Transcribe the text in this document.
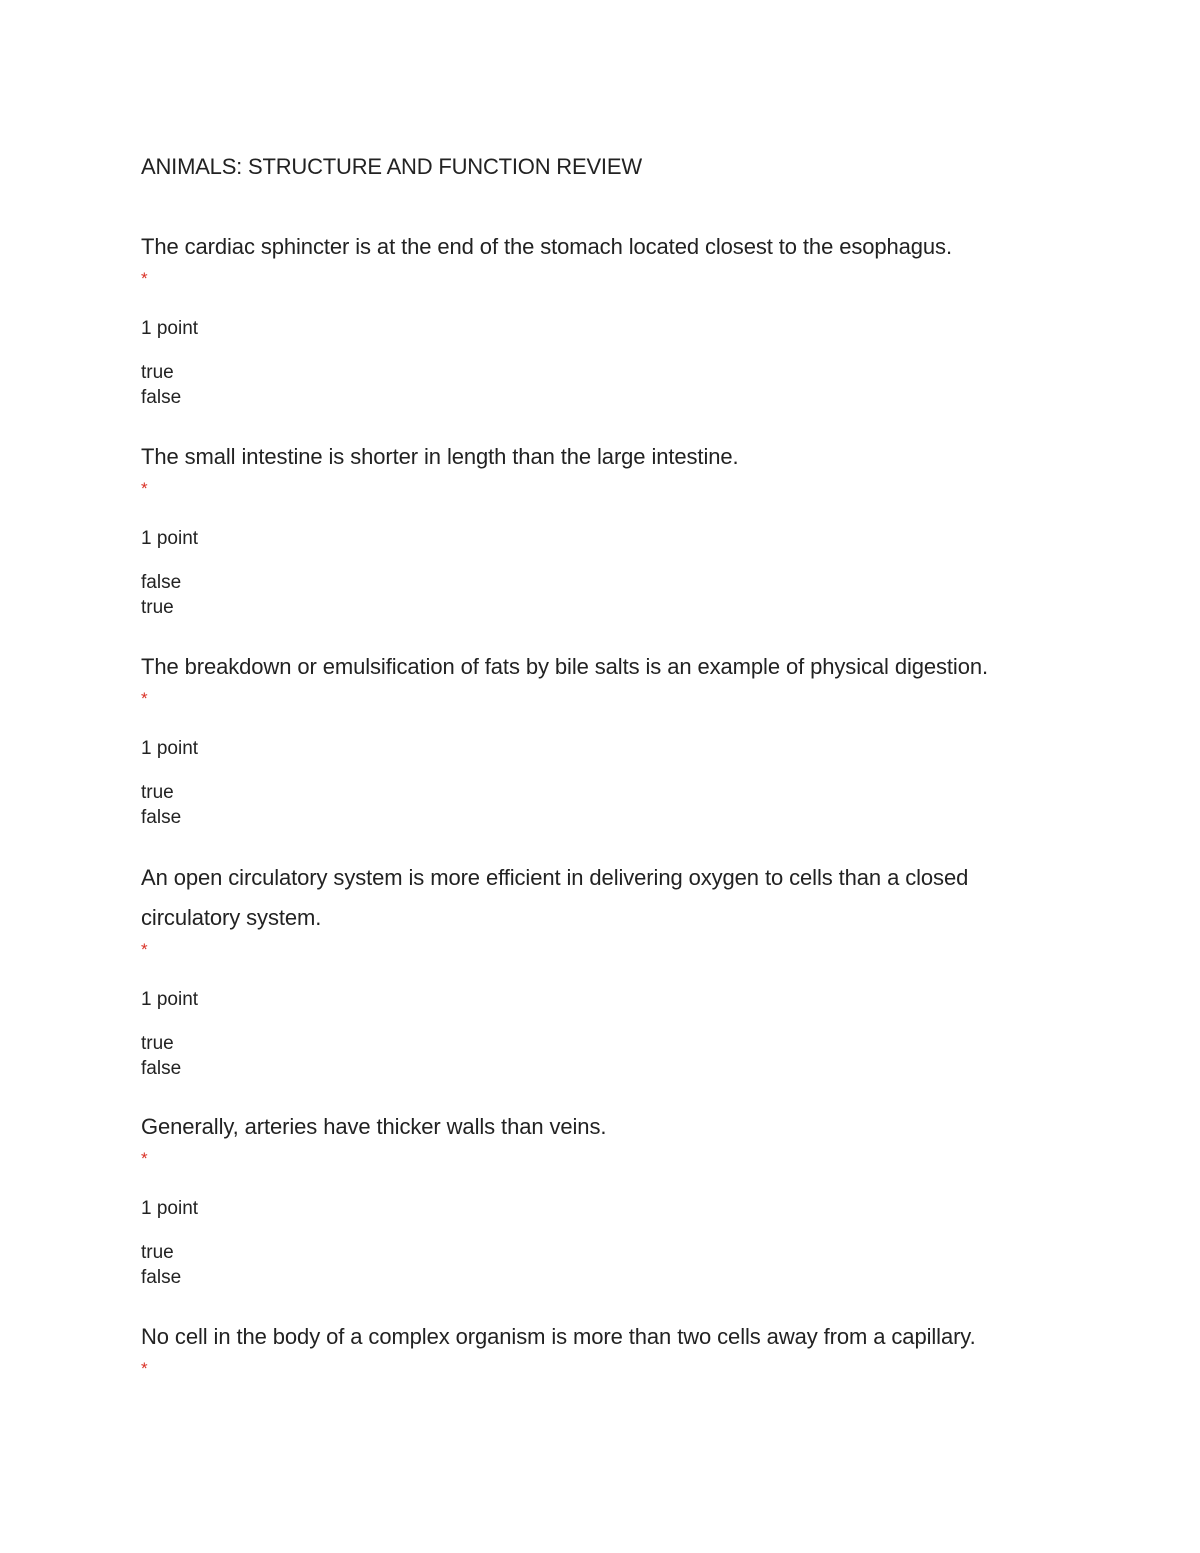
ANIMALS: STRUCTURE AND FUNCTION REVIEW
The cardiac sphincter is at the end of the stomach located closest to the esophagus.
*
1 point
true
false
The small intestine is shorter in length than the large intestine.
*
1 point
false
true
The breakdown or emulsification of fats by bile salts is an example of physical digestion.
*
1 point
true
false
An open circulatory system is more efficient in delivering oxygen to cells than a closed circulatory system.
*
1 point
true
false
Generally, arteries have thicker walls than veins.
*
1 point
true
false
No cell in the body of a complex organism is more than two cells away from a capillary.
*
